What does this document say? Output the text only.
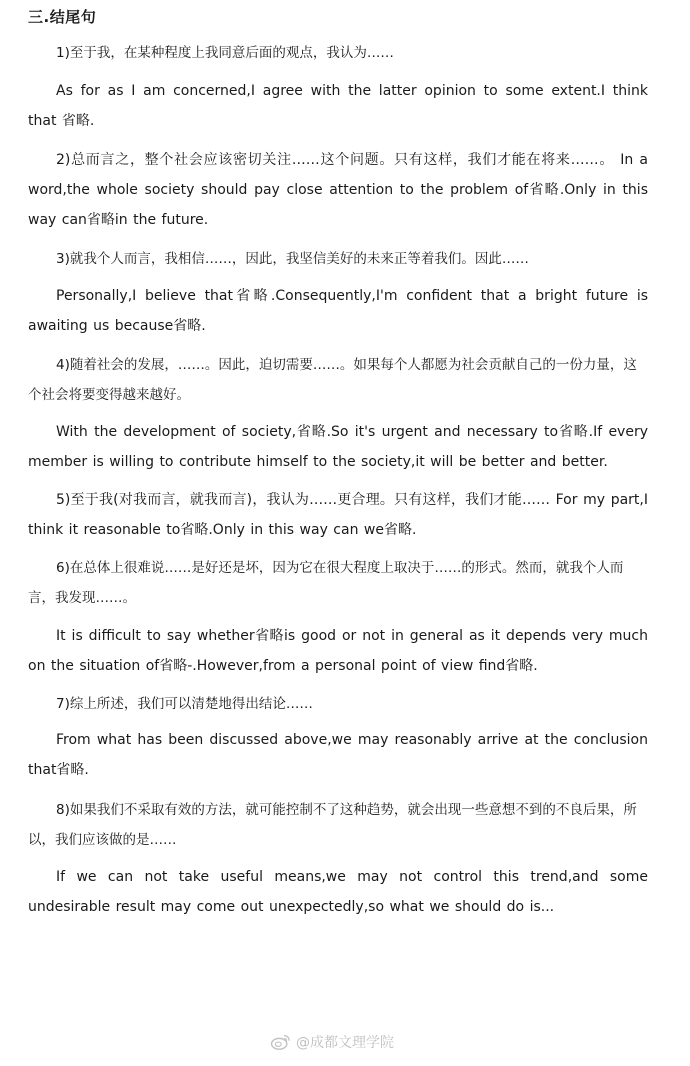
三.结尾句
1)至于我，在某种程度上我同意后面的观点，我认为……
As for as I am concerned,I agree with the latter opinion to some extent.I think that 省略.
2)总而言之，整个社会应该密切关注……这个问题。只有这样，我们才能在将来……。 In a word,the whole society should pay close attention to the problem of省略.Only in this way can省略in the future.
3)就我个人而言，我相信……，因此，我坚信美好的未来正等着我们。因此……
Personally,I believe that省略.Consequently,I'm confident that a bright future is awaiting us because省略.
4)随着社会的发展，……。因此，迫切需要……。如果每个人都愿为社会贡献自己的一份力量，这个社会将要变得越来越好。
With the development of society,省略.So it's urgent and necessary to省略.If every member is willing to contribute himself to the society,it will be better and better.
5)至于我(对我而言，就我而言)，我认为……更合理。只有这样，我们才能…… For my part,I think it reasonable to省略.Only in this way can we省略.
6)在总体上很难说……是好还是坏，因为它在很大程度上取决于……的形式。然而，就我个人而言，我发现……。
It is difficult to say whether省略is good or not in general as it depends very much on the situation of省略-.However,from a personal point of view find省略.
7)综上所述，我们可以清楚地得出结论……
From what has been discussed above,we may reasonably arrive at the conclusion that省略.
8)如果我们不采取有效的方法，就可能控制不了这种趋势，就会出现一些意想不到的不良后果，所以，我们应该做的是……
If we can not take useful means,we may not control this trend,and some undesirable result may come out unexpectedly,so what we should do is...
@成都文理学院
